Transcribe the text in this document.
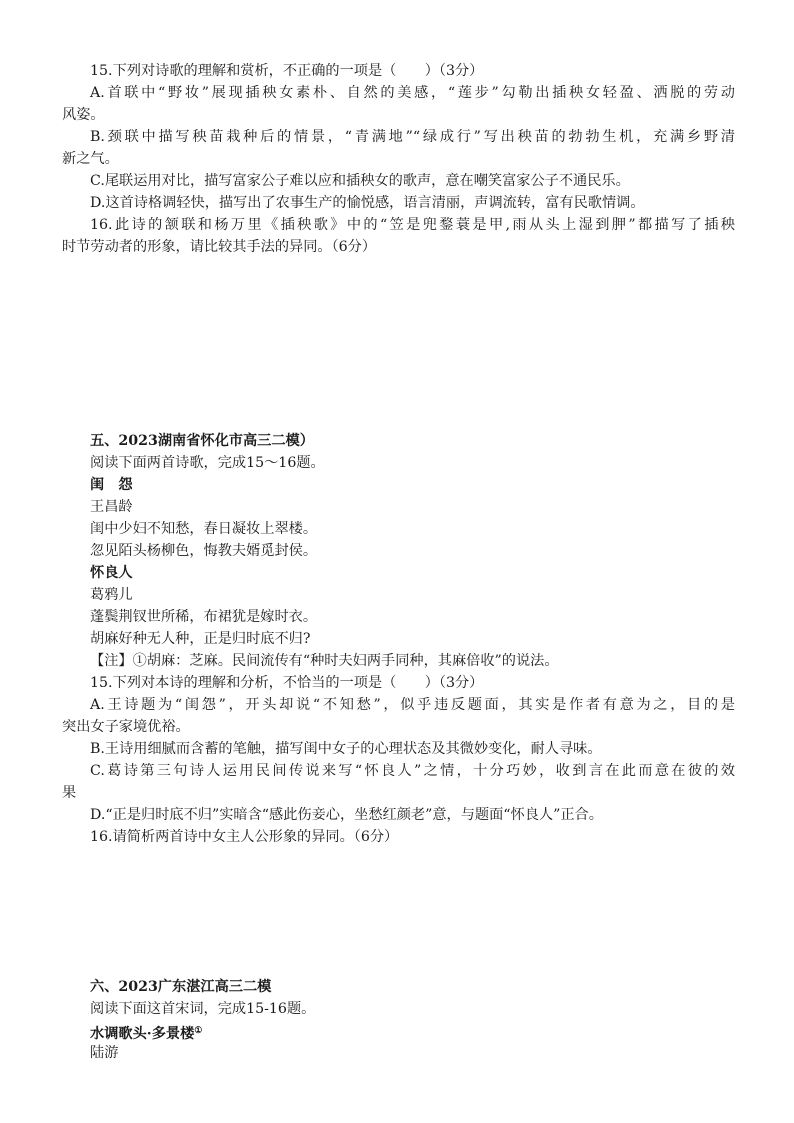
15.下列对诗歌的理解和赏析，不正确的一项是（　　）（3分）
A.首联中“野妆”展现插秧女素朴、自然的美感，“莲步”勾勒出插秧女轻盈、洒脱的劳动
风姿。
B.颈联中描写秧苗栽种后的情景，“青满地”“绿成行”写出秧苗的勃勃生机，充满乡野清
新之气。
C.尾联运用对比，描写富家公子难以应和插秧女的歌声，意在嘲笑富家公子不通民乐。
D.这首诗格调轻快，描写出了农事生产的愉悦感，语言清丽，声调流转，富有民歌情调。
16.此诗的颔联和杨万里《插秧歌》中的“笠是兜鍪蓑是甲,雨从头上湿到胛”都描写了插秧
时节劳动者的形象，请比较其手法的异同。（6分）
五、2023湖南省怀化市高三二模）
阅读下面两首诗歌，完成15～16题。
闺　怨
王昌龄
闺中少妇不知愁，春日凝妆上翠楼。
忽见陌头杨柳色，悔教夫婿觅封侯。
怀良人
葛鸦儿
蓬鬓荆钗世所稀，布裙犹是嫁时衣。
胡麻好种无人种，正是归时底不归?
【注】①胡麻：芝麻。民间流传有“种时夫妇两手同种，其麻倍收”的说法。
15.下列对本诗的理解和分析，不恰当的一项是（　　）（3分）
A.王诗题为“闺怨”，开头却说“不知愁”，似乎违反题面，其实是作者有意为之，目的是
突出女子家境优裕。
B.王诗用细腻而含蓄的笔触，描写闺中女子的心理状态及其微妙变化，耐人寻味。
C.葛诗第三句诗人运用民间传说来写“怀良人”之情，十分巧妙，收到言在此而意在彼的效
果
D.“正是归时底不归”实暗含“感此伤妾心，坐愁红颜老”意，与题面“怀良人”正合。
16.请简析两首诗中女主人公形象的异同。（6分）
六、2023广东湛江高三二模
阅读下面这首宋词，完成15-16题。
水调歌头·多景楼①
陆游
